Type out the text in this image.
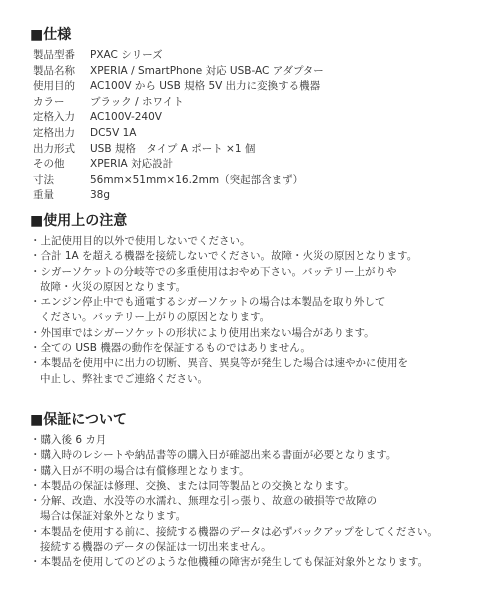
■仕様
製品型番	PXAC シリーズ
製品名称	XPERIA / SmartPhone 対応 USB-AC アダプター
使用目的	AC100V から USB 規格 5V 出力に変換する機器
カラー	ブラック / ホワイト
定格入力	AC100V-240V
定格出力	DC5V 1A
出力形式	USB 規格　タイプ A ポート ×1 個
その他	XPERIA 対応設計
寸法	56mm×51mm×16.2mm（突起部含まず）
重量	38g
■使用上の注意
・上記使用目的以外で使用しないでください。
・合計 1A を超える機器を接続しないでください。故障・火災の原因となります。
・シガーソケットの分岐等での多重使用はおやめ下さい。バッテリー上がりや
故障・火災の原因となります。
・エンジン停止中でも通電するシガーソケットの場合は本製品を取り外して
ください。バッテリー上がりの原因となります。
・外国車ではシガーソケットの形状により使用出来ない場合があります。
・全ての USB 機器の動作を保証するものではありません。
・本製品を使用中に出力の切断、異音、異臭等が発生した場合は速やかに使用を
中止し、弊社までご連絡ください。
■保証について
・購入後 6 カ月
・購入時のレシートや納品書等の購入日が確認出来る書面が必要となります。
・購入日が不明の場合は有償修理となります。
・本製品の保証は修理、交換、または同等製品との交換となります。
・分解、改造、水没等の水濡れ、無理な引っ張り、故意の破損等で故障の
場合は保証対象外となります。
・本製品を使用する前に、接続する機器のデータは必ずバックアップをしてください。
接続する機器のデータの保証は一切出来ません。
・本製品を使用してのどのような他機種の障害が発生しても保証対象外となります。
